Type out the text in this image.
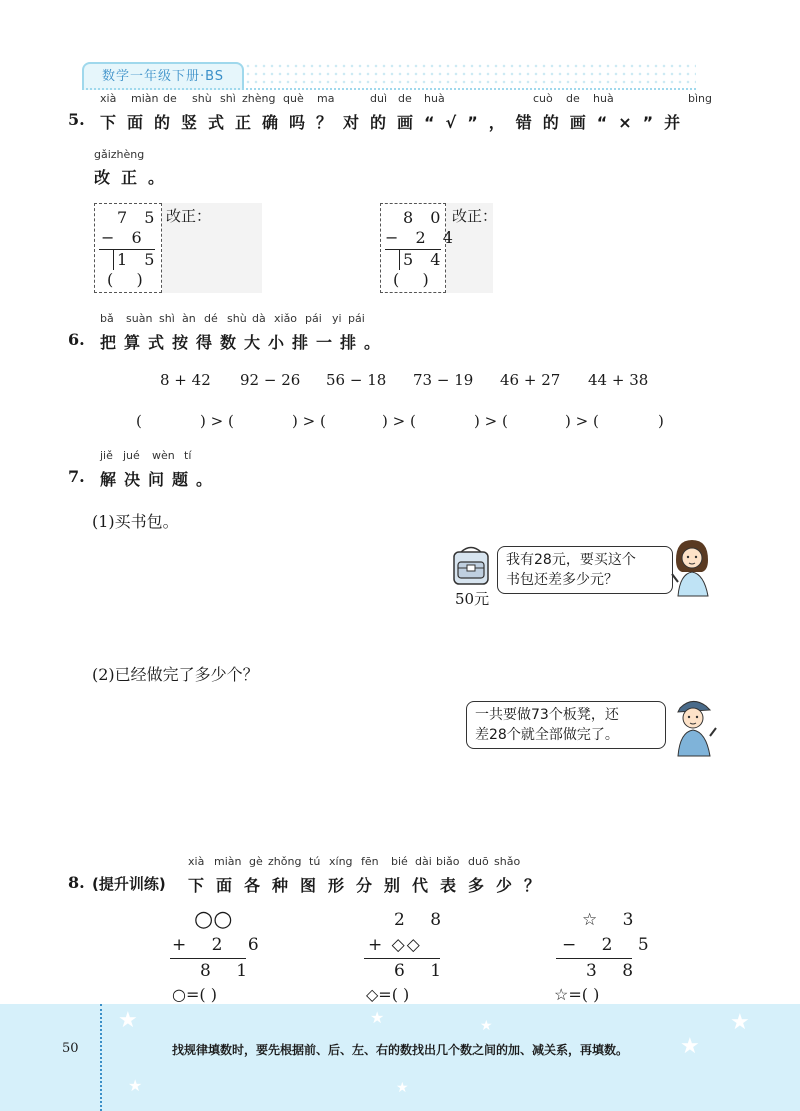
数学一年级下册·BS
xià miàn de shù shì zhèng què ma	duì de huà	cuò de huà	bìng
5. 下面的竖式正确吗？对的画“√”，错的画“×”并
gǎizhèng
改正。
7 5
− 6
1 5
(   )
改正：	8 0
− 2 4
5 4
(   )
改正：
bǎ suàn shì àn dé shù dà xiǎo pái yi pái
6. 把算式按得数大小排一排。
8 + 42 92 − 26 56 − 18 73 − 19 46 + 27 44 + 38
(	) > (	) > (	) > (	) > (	) > (	)
jiě jué wèn tí
7. 解决问题。
(1)买书包。
50元
我有28元，要买这个
书包还差多少元？
(2)已经做完了多少个？
一共要做73个板凳，还
差28个就全部做完了。
xià miàn gè zhǒng tú xíng fēn bié dài biǎo duō shǎo
8. (提升训练) 下面各种图形分别代表多少？
○○
+ 2 6
8 1
○=( )
2 8
+ ◇◇
6 1
◇=( )
☆ 3
− 2 5
3 8
☆=( )
★	★	★
★
★
★	★
50	找规律填数时，要先根据前、后、左、右的数找出几个数之间的加、减关系，再填数。
